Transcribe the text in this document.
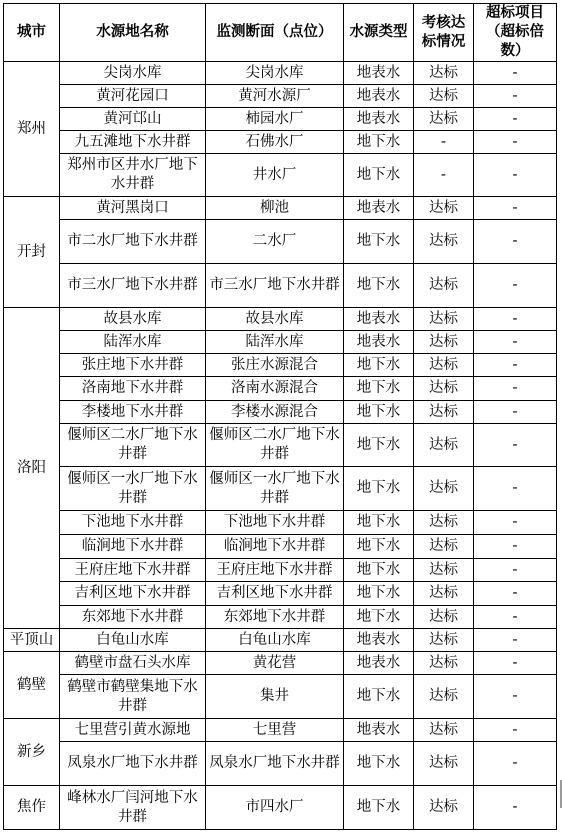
城市	水源地名称	监测断面（点位）	水源类型	考核达标情况	超标项目（超标倍数）
郑州	尖岗水库	尖岗水库	地表水	达标	-
	黄河花园口	黄河水源厂	地表水	达标	-
	黄河邙山	柿园水厂	地表水	达标	-
	九五滩地下水井群	石佛水厂	地下水	-	-
	郑州市区井水厂地下水井群	井水厂	地下水	-	-
开封	黄河黑岗口	柳池	地表水	达标	-
	市二水厂地下水井群	二水厂	地下水	达标	-
	市三水厂地下水井群	市三水厂地下水井群	地下水	达标	-
洛阳	故县水库	故县水库	地表水	达标	-
	陆浑水库	陆浑水库	地表水	达标	-
	张庄地下水井群	张庄水源混合	地下水	达标	-
	洛南地下水井群	洛南水源混合	地下水	达标	-
	李楼地下水井群	李楼水源混合	地下水	达标	-
	偃师区二水厂地下水井群	偃师区二水厂地下水井群	地下水	达标	-
	偃师区一水厂地下水井群	偃师区一水厂地下水井群	地下水	达标	-
	下池地下水井群	下池地下水井群	地下水	达标	-
	临涧地下水井群	临涧地下水井群	地下水	达标	-
	王府庄地下水井群	王府庄地下水井群	地下水	达标	-
	吉利区地下水井群	吉利区地下水井群	地下水	达标	-
	东郊地下水井群	东郊地下水井群	地下水	达标	-
平顶山	白龟山水库	白龟山水库	地表水	达标	-
鹤壁	鹤壁市盘石头水库	黄花营	地表水	达标	-
	鹤壁市鹤壁集地下水井群	集井	地下水	达标	-
新乡	七里营引黄水源地	七里营	地表水	达标	-
	凤泉水厂地下水井群	凤泉水厂地下水井群	地下水	达标	-
焦作	峰林水厂闫河地下水井群	市四水厂	地下水	达标	-
